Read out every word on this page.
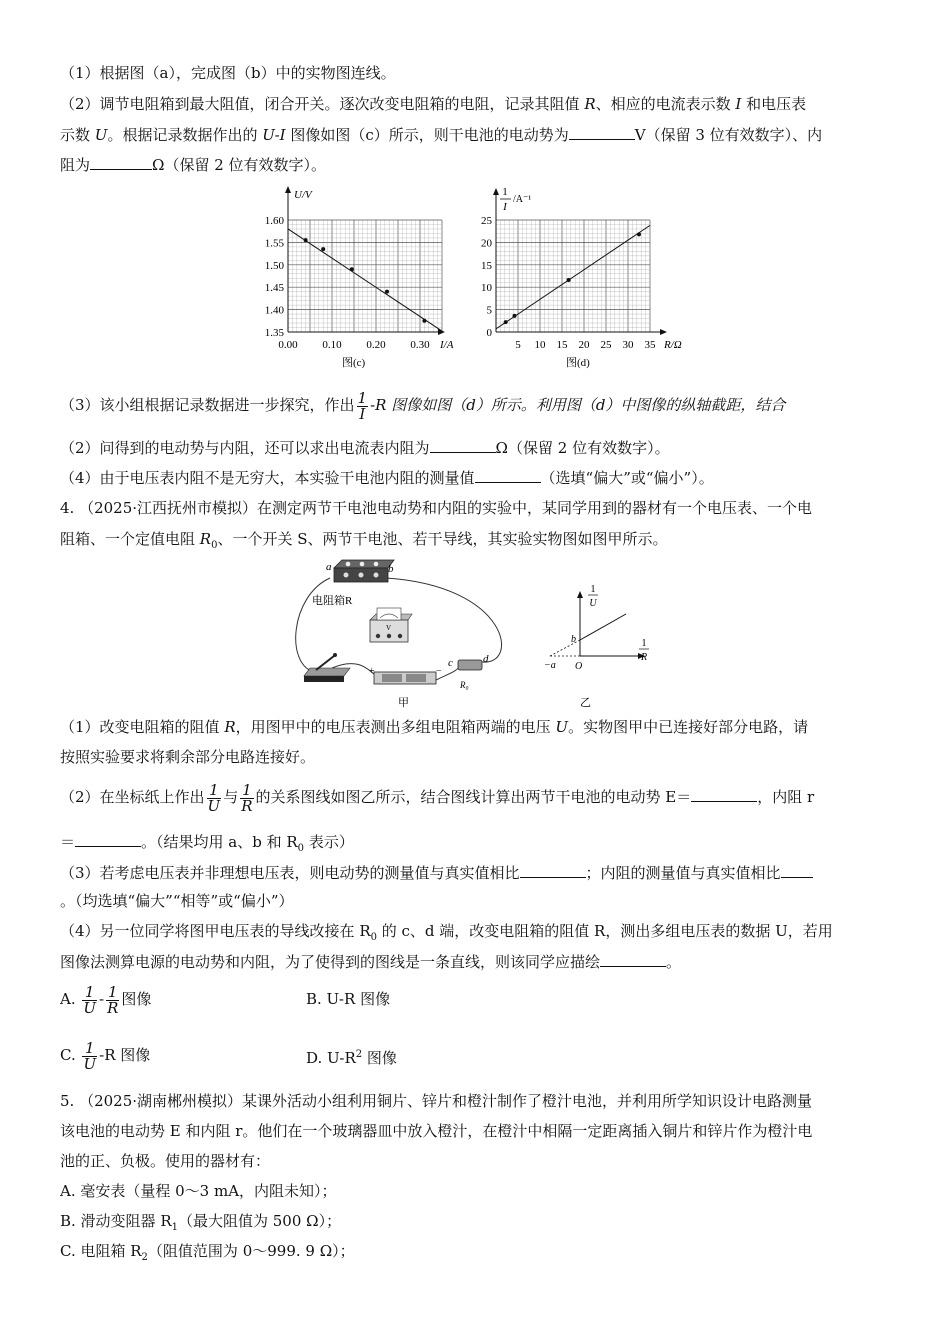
（1）根据图（a），完成图（b）中的实物图连线。
（2）调节电阻箱到最大阻值，闭合开关。逐次改变电阻箱的电阻，记录其阻值 R、相应的电流表示数 I 和电压表
示数 U。根据记录数据作出的 U-I 图像如图（c）所示，则干电池的电动势为	V（保留 3 位有效数字）、内
阻为	Ω（保留 2 位有效数字）。
U/V
I/A
1.35
1.40
1.45
1.50
1.55
1.60
0.00 0.10 0.20 0.30
图(c)
1
I
/A⁻¹
R/Ω
0
5
10
15
20
25
5 10 15 20 25 30 35
图(d)
（3）该小组根据记录数据进一步探究，作出 $\frac{1}{I} -R$ 图像如图（d）所示。利用图（d）中图像的纵轴截距，结合
（2）问得到的电动势与内阻，还可以求出电流表内阻为	Ω（保留 2 位有效数字）。
（4）由于电压表内阻不是无穷大，本实验干电池内阻的测量值	（选填“偏大”或“偏小”）。
4. （2025·江西抚州市模拟）在测定两节干电池电动势和内阻的实验中，某同学用到的器材有一个电压表、一个电
阻箱、一个定值电阻 $R_0$、一个开关 S、两节干电池、若干导线，其实验实物图如图甲所示。
a	b
电阻箱R
V
+	−
c	d
R₀
甲
1
U
1
R
b
−a O
乙
（1）改变电阻箱的阻值 R，用图甲中的电压表测出多组电阻箱两端的电压 U。实物图甲中已连接好部分电路，请
按照实验要求将剩余部分电路连接好。
（2）在坐标纸上作出 $\frac{1}{U}$ 与 $\frac{1}{R}$ 的关系图线如图乙所示，结合图线计算出两节干电池的电动势 E＝	，内阻 r
＝	。（结果均用 a、b 和 $R_0$ 表示）
（3）若考虑电压表并非理想电压表，则电动势的测量值与真实值相比	；内阻的测量值与真实值相比
。（均选填“偏大”“相等”或“偏小”）
（4）另一位同学将图甲电压表的导线改接在 $R_0$ 的 c、d 端，改变电阻箱的阻值 R，测出多组电压表的数据 U，若用
图像法测算电源的电动势和内阻，为了使得到的图线是一条直线，则该同学应描绘	。
A. $\frac{1}{U} - \frac{1}{R}$ 图像	B. U-R 图像
C. $\frac{1}{U} -R$ 图像	D. $U-R^2$ 图像
5. （2025·湖南郴州模拟）某课外活动小组利用铜片、锌片和橙汁制作了橙汁电池，并利用所学知识设计电路测量
该电池的电动势 E 和内阻 r。他们在一个玻璃器皿中放入橙汁，在橙汁中相隔一定距离插入铜片和锌片作为橙汁电
池的正、负极。使用的器材有：
A. 毫安表（量程 0～3 mA，内阻未知）；
B. 滑动变阻器 $R_1$（最大阻值为 500 Ω）；
C. 电阻箱 $R_2$（阻值范围为 0～999. 9 Ω）；
